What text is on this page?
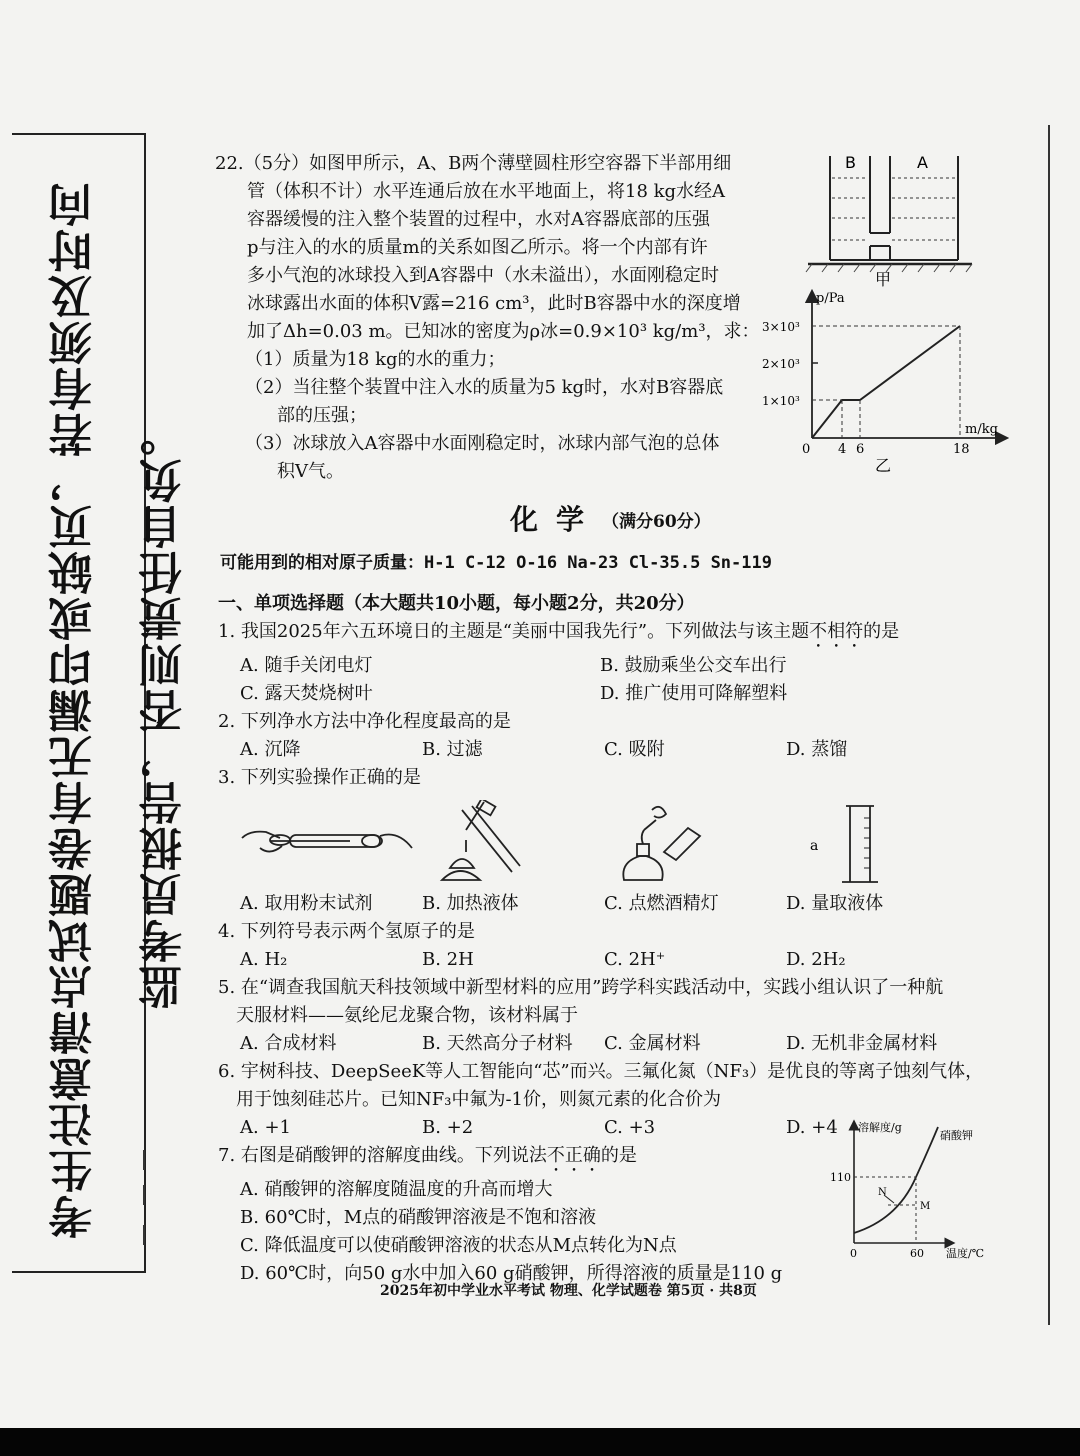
考生注意清点试题卷有无漏印或缺页，若有须及时向监考员报告，否则责任自负。

22.（5分）如图甲所示，A、B两个薄壁圆柱形空容器下半部用细

管（体积不计）水平连通后放在水平地面上，将18 kg水经A

容器缓慢的注入整个装置的过程中，水对A容器底部的压强

p与注入的水的质量m的关系如图乙所示。将一个内部有许

多小气泡的冰球投入到A容器中（水未溢出），水面刚稳定时

冰球露出水面的体积V露=216 cm³，此时B容器中水的深度增

加了Δh=0.03 m。已知冰的密度为ρ冰=0.9×10³ kg/m³，求：

（1）质量为18 kg的水的重力；

（2）当往整个装置中注入水的质量为5 kg时，水对B容器底

部的压强；

（3）冰球放入A容器中水面刚稳定时，冰球内部气泡的总体

积V气。

B	A
甲
p/Pa
m/kg
3×10³
2×10³
1×10³
0 4 6	18
乙
化学 （满分60分）
可能用到的相对原子质量：H-1 C-12 O-16 Na-23 Cl-35.5 Sn-119
一、单项选择题（本大题共10小题，每小题2分，共20分）
1. 我国2025年六五环境日的主题是“美丽中国我先行”。下列做法与该主题不相符的是
A. 随手关闭电灯	B. 鼓励乘坐公交车出行
C. 露天焚烧树叶	D. 推广使用可降解塑料
2. 下列净水方法中净化程度最高的是
A. 沉降	B. 过滤	C. 吸附	D. 蒸馏
3. 下列实验操作正确的是
a
A. 取用粉末试剂	B. 加热液体	C. 点燃酒精灯	D. 量取液体
4. 下列符号表示两个氢原子的是
A. H₂	B. 2H	C. 2H⁺	D. 2H₂
5. 在“调查我国航天科技领域中新型材料的应用”跨学科实践活动中，实践小组认识了一种航
天服材料——氨纶尼龙聚合物，该材料属于
A. 合成材料	B. 天然高分子材料	C. 金属材料	D. 无机非金属材料
6. 宇树科技、DeepSeeK等人工智能向“芯”而兴。三氟化氮（NF₃）是优良的等离子蚀刻气体，
用于蚀刻硅芯片。已知NF₃中氟为-1价，则氮元素的化合价为
A. +1	B. +2	C. +3	D. +4
7. 右图是硝酸钾的溶解度曲线。下列说法不正确的是
A. 硝酸钾的溶解度随温度的升高而增大
B. 60℃时，M点的硝酸钾溶液是不饱和溶液
C. 降低温度可以使硝酸钾溶液的状态从M点转化为N点
D. 60℃时，向50 g水中加入60 g硝酸钾，所得溶液的质量是110 g
溶解度/g
硝酸钾
110
0	60 温度/℃
M
N
2025年初中学业水平考试 物理、化学试题卷 第5页 · 共8页
